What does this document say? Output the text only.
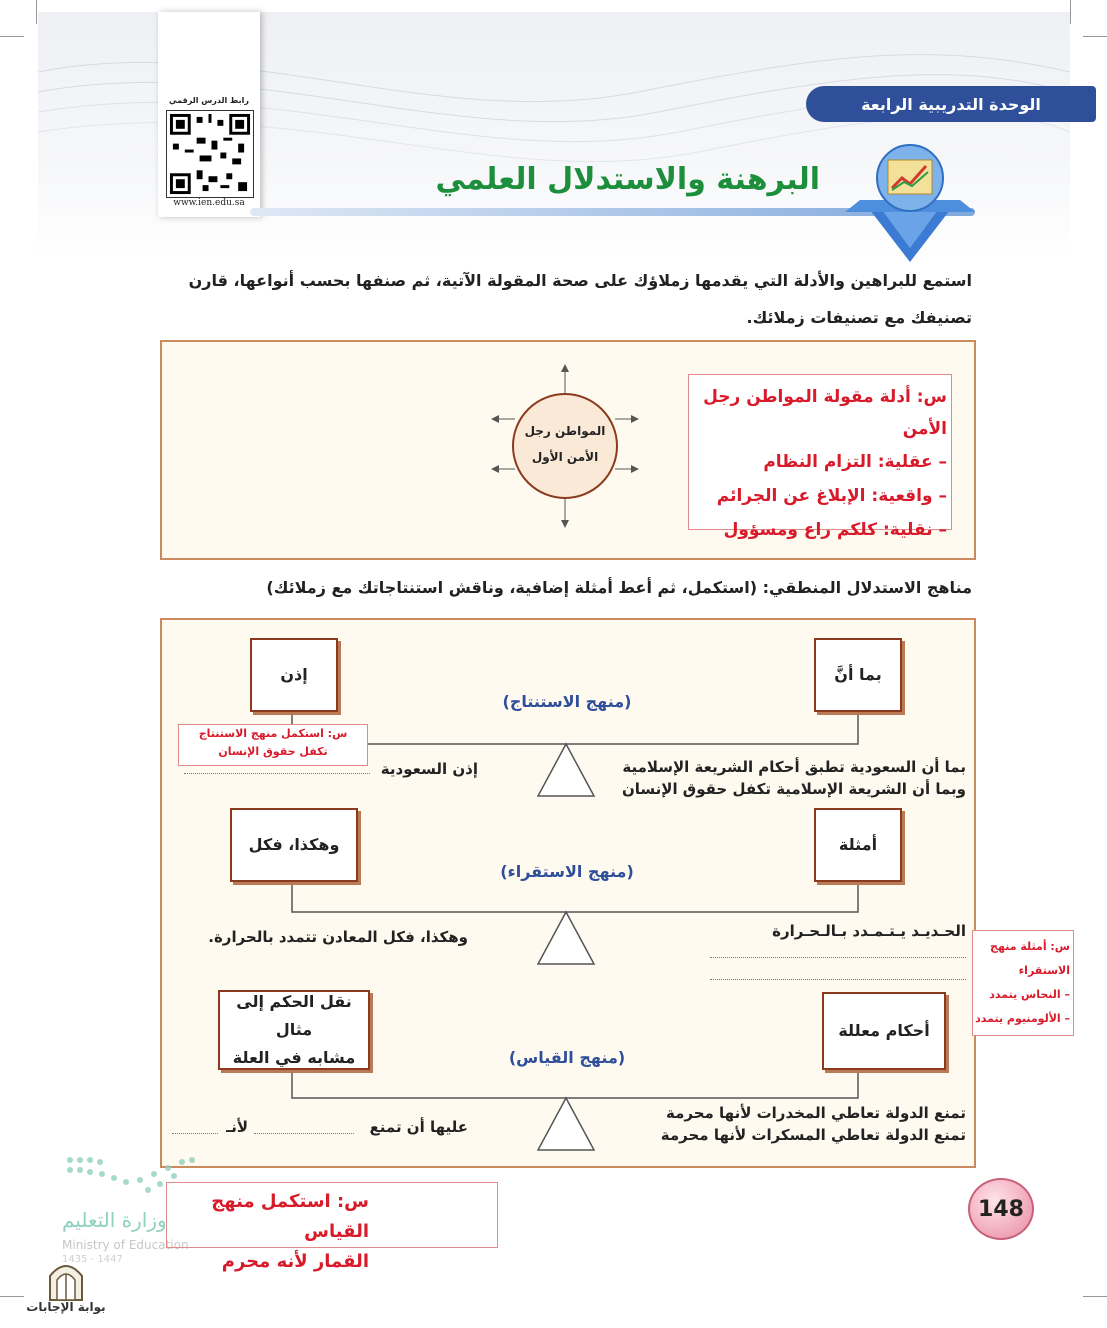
رابط الدرس الرقمي
www.ien.edu.sa
الوحدة التدريبية الرابعة
البرهنة والاستدلال العلمي
استمع للبراهين والأدلة التي يقدمها زملاؤك على صحة المقولة الآتية، ثم صنفها بحسب أنواعها، قارن
تصنيفك مع تصنيفات زملائك.
المواطن رجل
الأمن الأول
س: أدلة مقولة المواطن رجل الأمن
– عقلية: التزام النظام
– واقعية: الإبلاغ عن الجرائم
– نقلية: كلكم راع ومسؤول
مناهج الاستدلال المنطقي: (استكمل، ثم أعط أمثلة إضافية، وناقش استنتاجاتك مع زملائك)
بما أنَّ
إذن
(منهج الاستنتاج)
س: استكمل منهج الاستنتاج
تكفل حقوق الإنسان
بما أن السعودية تطبق أحكام الشريعة الإسلامية
وبما أن الشريعة الإسلامية تكفل حقوق الإنسان
إذن السعودية
أمثلة
وهكذا، فكل
(منهج الاستقراء)
الحـديـد يـتـمـدد بـالـحـرارة
وهكذا، فكل المعادن تتمدد بالحرارة.
أحكام معللة
نقل الحكم إلى مثال
مشابه في العلة	(منهج القياس)
تمنع الدولة تعاطي المخدرات لأنها محرمة
تمنع الدولة تعاطي المسكرات لأنها محرمة
عليها أن تمنع
لأنـ
س: أمثلة منهج الاستقراء
– النحاس يتمدد
– الألومنيوم يتمدد
وزارة التعليم
Ministry of Education
1435 - 1447
س: استكمل منهج القياس
القمار لأنه محرم
148
بوابة الإجابات
